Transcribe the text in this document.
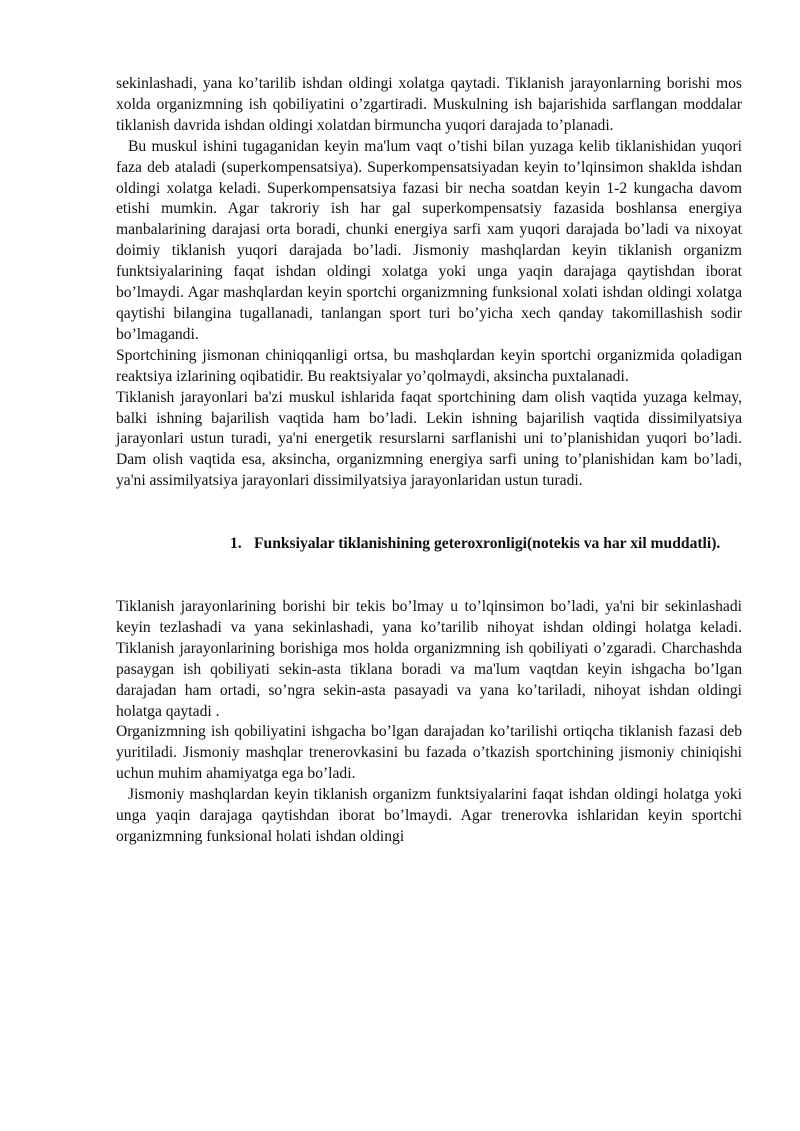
sekinlashadi, yana ko’tarilib ishdan oldingi xolatga qaytadi. Tiklanish jarayonlarning borishi mos xolda organizmning ish qobiliyatini o’zgartiradi. Muskulning ish bajarishida sarflangan moddalar tiklanish davrida ishdan oldingi xolatdan birmuncha yuqori darajada to’planadi.

Bu muskul ishini tugaganidan keyin ma'lum vaqt o’tishi bilan yuzaga kelib tiklanishidan yuqori faza deb ataladi (superkompensatsiya). Superkompensatsiyadan keyin to’lqinsimon shaklda ishdan oldingi xolatga keladi. Superkompensatsiya fazasi bir necha soatdan keyin 1-2 kungacha davom etishi mumkin. Agar takroriy ish har gal superkompensatsiy fazasida boshlansa energiya manbalarining darajasi orta boradi, chunki energiya sarfi xam yuqori darajada bo’ladi va nixoyat doimiy tiklanish yuqori darajada bo’ladi. Jismoniy mashqlardan keyin tiklanish organizm funktsiyalarining faqat ishdan oldingi xolatga yoki unga yaqin darajaga qaytishdan iborat bo’lmaydi. Agar mashqlardan keyin sportchi organizmning funksional xolati ishdan oldingi xolatga qaytishi bilangina tugallanadi, tanlangan sport turi bo’yicha xech qanday takomillashish sodir bo’lmagandi.

Sportchining jismonan chiniqqanligi ortsa, bu mashqlardan keyin sportchi organizmida qoladigan reaktsiya izlarining oqibatidir. Bu reaktsiyalar yo’qolmaydi, aksincha puxtalanadi.

Tiklanish jarayonlari ba'zi muskul ishlarida faqat sportchining dam olish vaqtida yuzaga kelmay, balki ishning bajarilish vaqtida ham bo’ladi. Lekin ishning bajarilish vaqtida dissimilyatsiya jarayonlari ustun turadi, ya'ni energetik resurslarni sarflanishi uni to’planishidan yuqori bo’ladi. Dam olish vaqtida esa, aksincha, organizmning energiya sarfi uning to’planishidan kam bo’ladi, ya'ni assimilyatsiya jarayonlari dissimilyatsiya jarayonlaridan ustun turadi.

1. Funksiyalar tiklanishining geteroxronligi(notekis va har xil muddatli).

Tiklanish jarayonlarining borishi bir tekis bo’lmay u to’lqinsimon bo’ladi, ya'ni bir sekinlashadi keyin tezlashadi va yana sekinlashadi, yana ko’tarilib nihoyat ishdan oldingi holatga keladi. Tiklanish jarayonlarining borishiga mos holda organizmning ish qobiliyati o’zgaradi. Charchashda pasaygan ish qobiliyati sekin-asta tiklana boradi va ma'lum vaqtdan keyin ishgacha bo’lgan darajadan ham ortadi, so’ngra sekin-asta pasayadi va yana ko’tariladi, nihoyat ishdan oldingi holatga qaytadi .

Organizmning ish qobiliyatini ishgacha bo’lgan darajadan ko’tarilishi ortiqcha tiklanish fazasi deb yuritiladi. Jismoniy mashqlar trenerovkasini bu fazada o’tkazish sportchining jismoniy chiniqishi uchun muhim ahamiyatga ega bo’ladi.

Jismoniy mashqlardan keyin tiklanish organizm funktsiyalarini faqat ishdan oldingi holatga yoki unga yaqin darajaga qaytishdan iborat bo’lmaydi. Agar trenerovka ishlaridan keyin sportchi organizmning funksional holati ishdan oldingi
